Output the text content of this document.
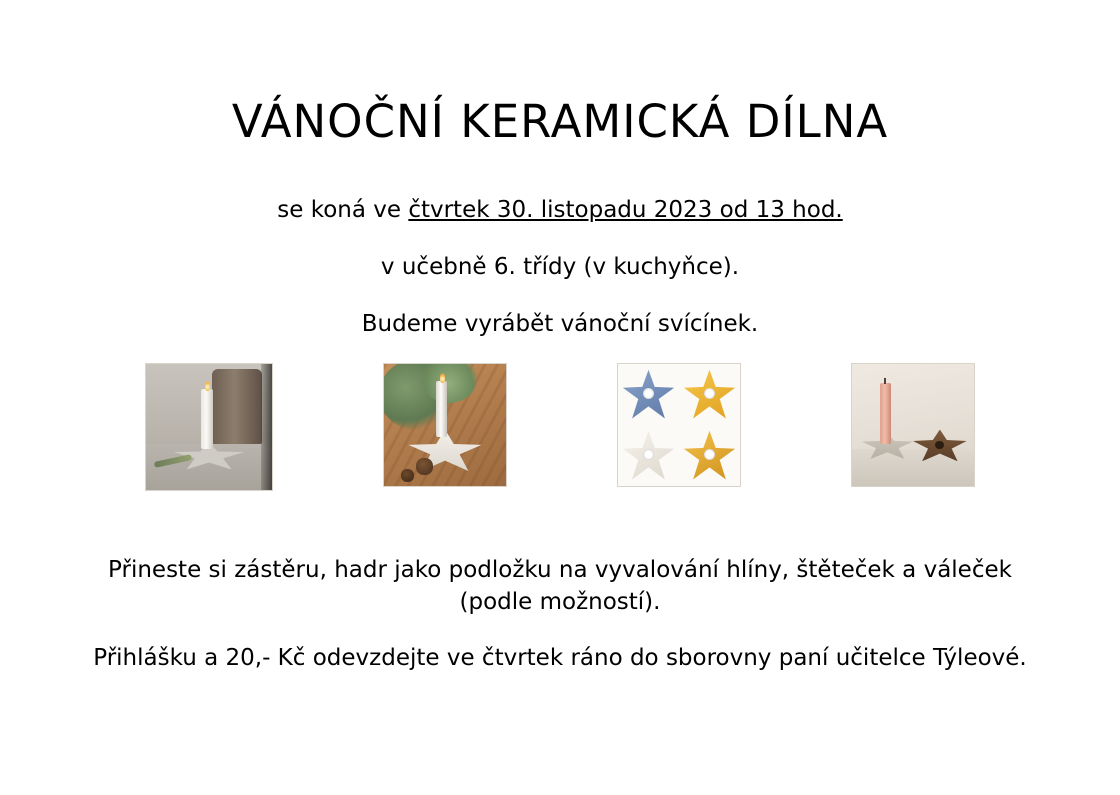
VÁNOČNÍ KERAMICKÁ DÍLNA

se koná ve čtvrtek 30. listopadu 2023 od 13 hod.

v učebně 6. třídy (v kuchyňce).

Budeme vyrábět vánoční svícínek.

Přineste si zástěru, hadr jako podložku na vyvalování hlíny, štěteček a váleček
(podle možností).

Přihlášku a 20,- Kč odevzdejte ve čtvrtek ráno do sborovny paní učitelce Týleové.
